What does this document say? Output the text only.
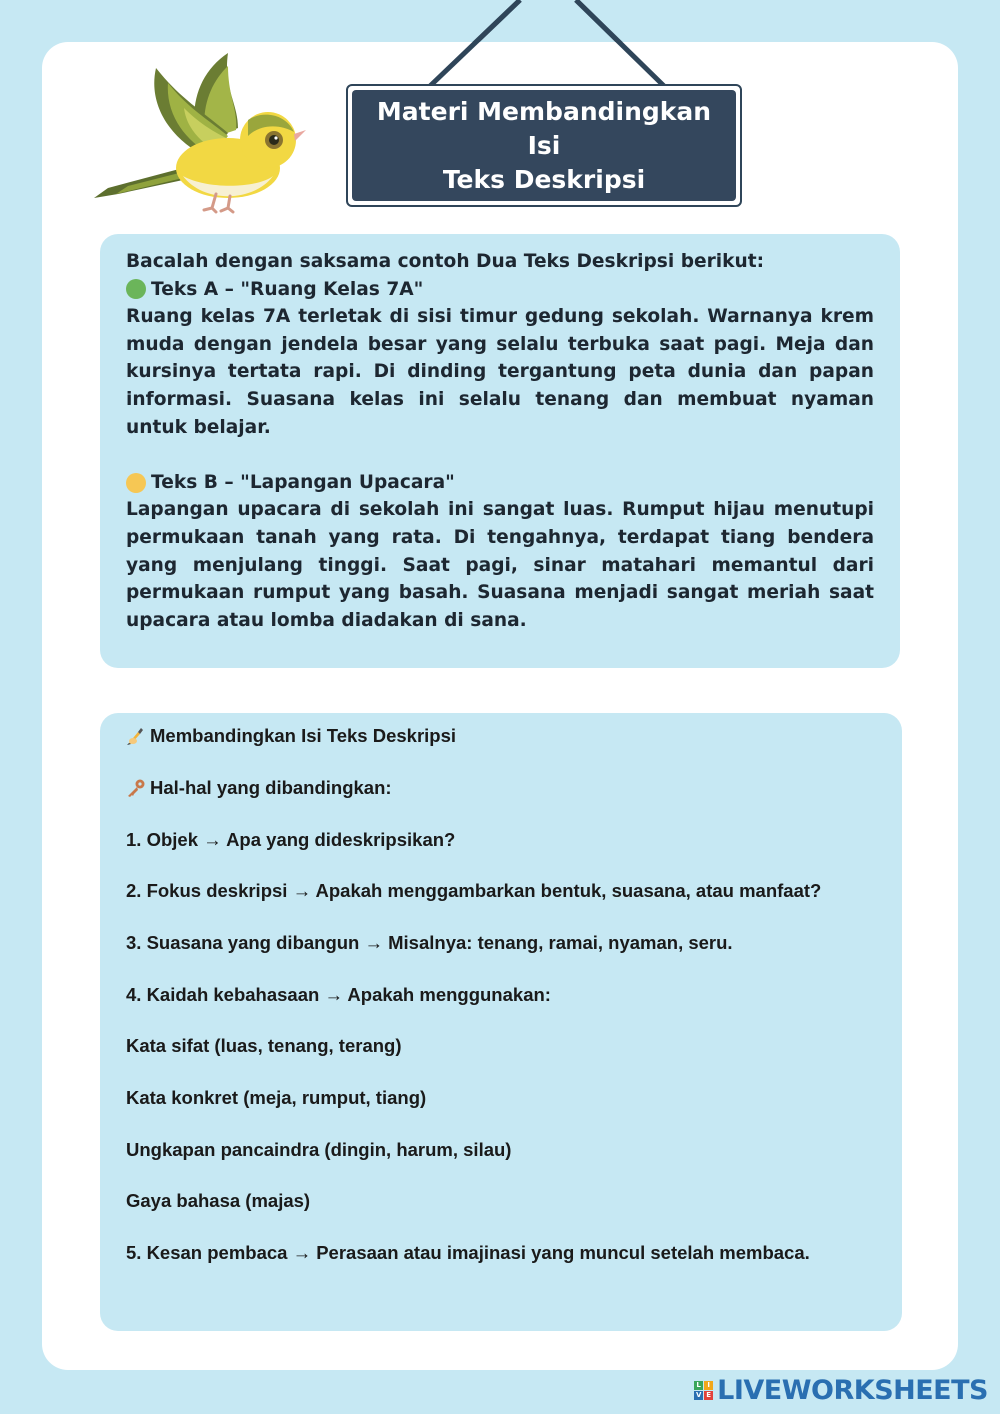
Materi Membandingkan Isi
Teks Deskripsi

Bacalah dengan saksama contoh Dua Teks Deskripsi berikut:

Teks A – "Ruang Kelas 7A"

Ruang kelas 7A terletak di sisi timur gedung sekolah. Warnanya krem muda dengan jendela besar yang selalu terbuka saat pagi. Meja dan kursinya tertata rapi. Di dinding tergantung peta dunia dan papan informasi. Suasana kelas ini selalu tenang dan membuat nyaman untuk belajar.

Teks B – "Lapangan Upacara"

Lapangan upacara di sekolah ini sangat luas. Rumput hijau menutupi permukaan tanah yang rata. Di tengahnya, terdapat tiang bendera yang menjulang tinggi. Saat pagi, sinar matahari memantul dari permukaan rumput yang basah. Suasana menjadi sangat meriah saat upacara atau lomba diadakan di sana.

Membandingkan Isi Teks Deskripsi
Hal-hal yang dibandingkan:
1. Objek → Apa yang dideskripsikan?
2. Fokus deskripsi → Apakah menggambarkan bentuk, suasana, atau manfaat?
3. Suasana yang dibangun → Misalnya: tenang, ramai, nyaman, seru.
4. Kaidah kebahasaan → Apakah menggunakan:
Kata sifat (luas, tenang, terang)
Kata konkret (meja, rumput, tiang)
Ungkapan pancaindra (dingin, harum, silau)
Gaya bahasa (majas)
5. Kesan pembaca → Perasaan atau imajinasi yang muncul setelah membaca.
L I
V E LIVEWORKSHEETS
